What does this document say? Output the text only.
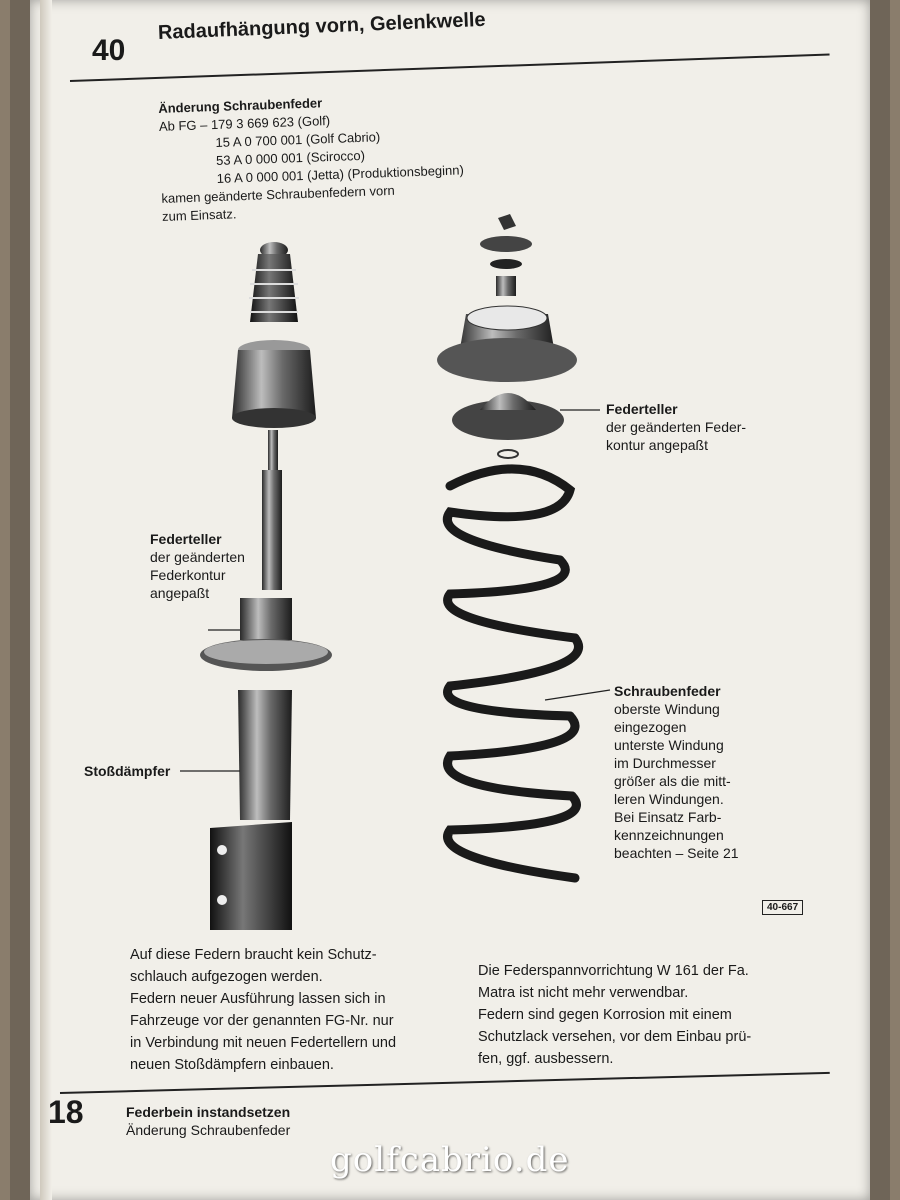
40
Radaufhängung vorn, Gelenkwelle
Änderung Schraubenfeder
Ab FG – 179 3 669 623 (Golf)
15 A 0 700 001 (Golf Cabrio)
53 A 0 000 001 (Scirocco)
16 A 0 000 001 (Jetta) (Produktionsbeginn)
kamen geänderte Schraubenfedern vorn
zum Einsatz.
Federteller
der geänderten
Federkontur
angepaßt
Stoßdämpfer
Federteller
der geänderten Feder-
kontur angepaßt
Schraubenfeder
oberste Windung
eingezogen
unterste Windung
im Durchmesser
größer als die mitt-
leren Windungen.
Bei Einsatz Farb-
kennzeichnungen
beachten – Seite 21
40-667
Auf diese Federn braucht kein Schutz-
schlauch aufgezogen werden.
Federn neuer Ausführung lassen sich in
Fahrzeuge vor der genannten FG-Nr. nur
in Verbindung mit neuen Federtellern und
neuen Stoßdämpfern einbauen.
Die Federspannvorrichtung W 161 der Fa.
Matra ist nicht mehr verwendbar.
Federn sind gegen Korrosion mit einem
Schutzlack versehen, vor dem Einbau prü-
fen, ggf. ausbessern.
18	Federbein instandsetzen
Änderung Schraubenfeder
golfcabrio.de
